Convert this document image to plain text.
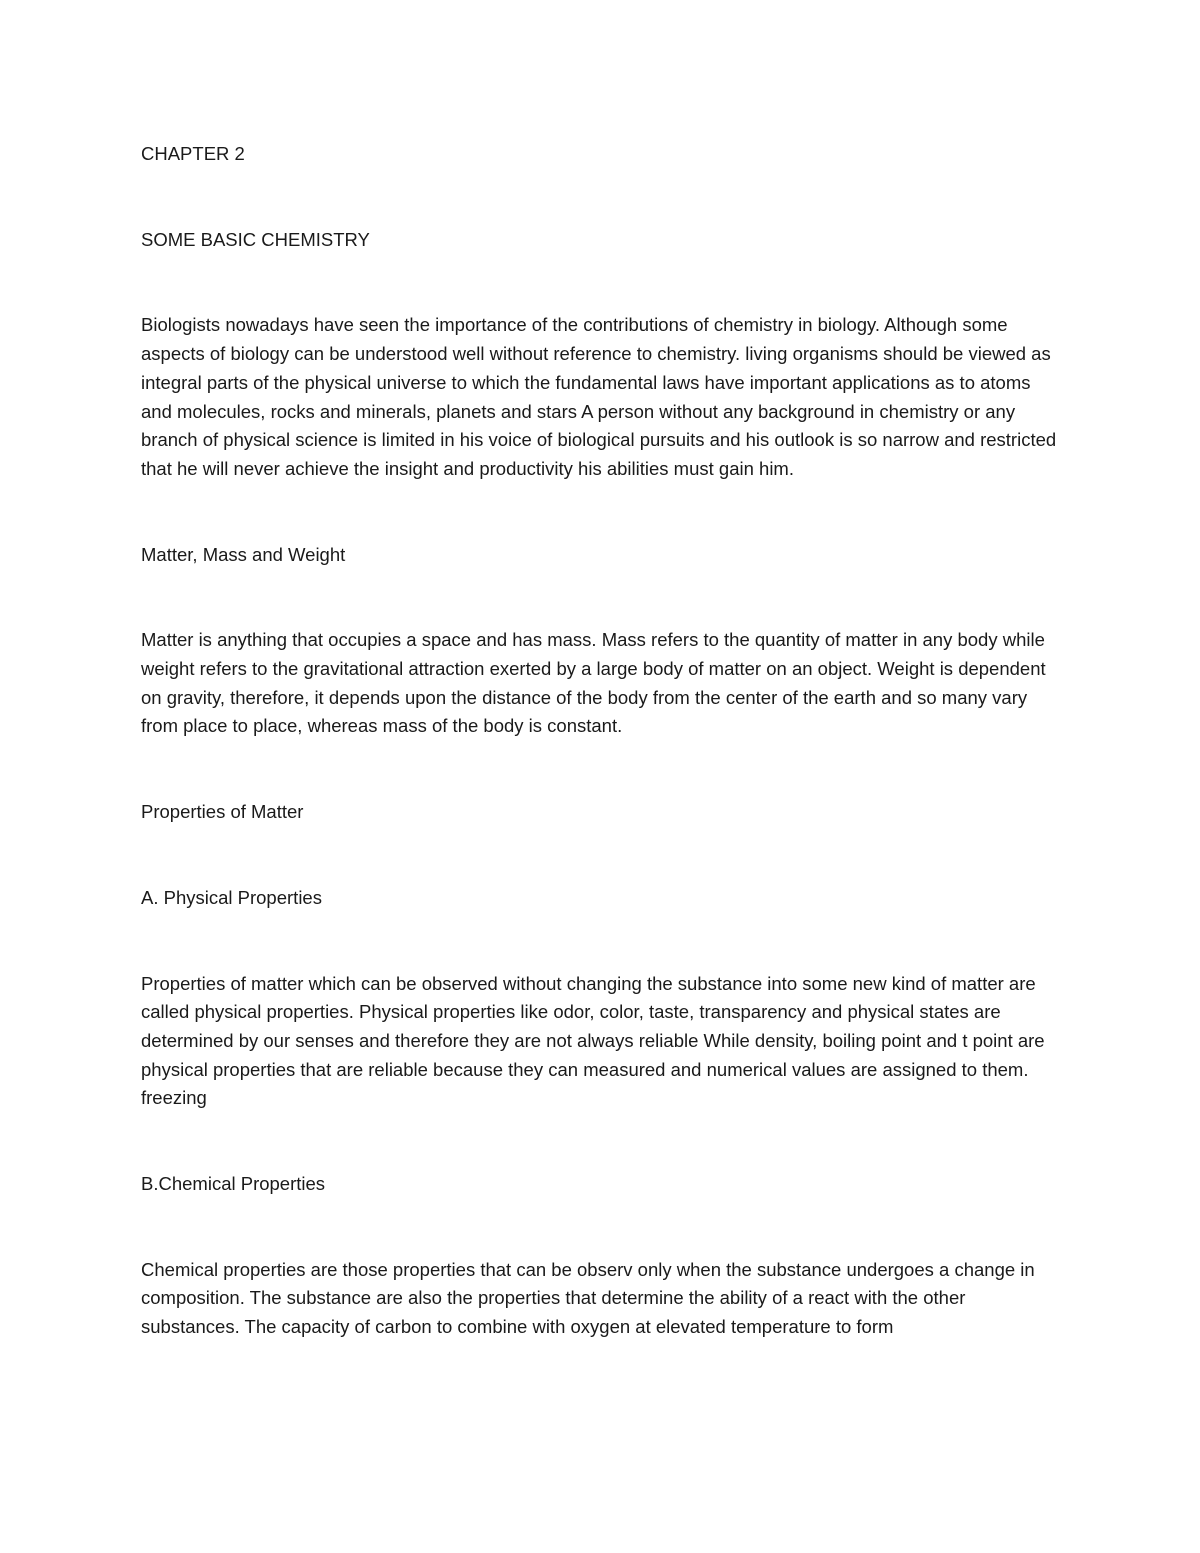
CHAPTER 2

SOME BASIC CHEMISTRY

Biologists nowadays have seen the importance of the contributions of chemistry in biology. Although some aspects of biology can be understood well without reference to chemistry. living organisms should be viewed as integral parts of the physical universe to which the fundamental laws have important applications as to atoms and molecules, rocks and minerals, planets and stars A person without any background in chemistry or any branch of physical science is limited in his voice of biological pursuits and his outlook is so narrow and restricted that he will never achieve the insight and productivity his abilities must gain him.

Matter, Mass and Weight

Matter is anything that occupies a space and has mass. Mass refers to the quantity of matter in any body while weight refers to the gravitational attraction exerted by a large body of matter on an object. Weight is dependent on gravity, therefore, it depends upon the distance of the body from the center of the earth and so many vary from place to place, whereas mass of the body is constant.

Properties of Matter

A. Physical Properties

Properties of matter which can be observed without changing the substance into some new kind of matter are called physical properties. Physical properties like odor, color, taste, transparency and physical states are determined by our senses and therefore they are not always reliable While density, boiling point and t point are physical properties that are reliable because they can measured and numerical values are assigned to them. freezing

B.Chemical Properties

Chemical properties are those properties that can be observ only when the substance undergoes a change in composition. The substance are also the properties that determine the ability of a react with the other substances. The capacity of carbon to combine with oxygen at elevated temperature to form
